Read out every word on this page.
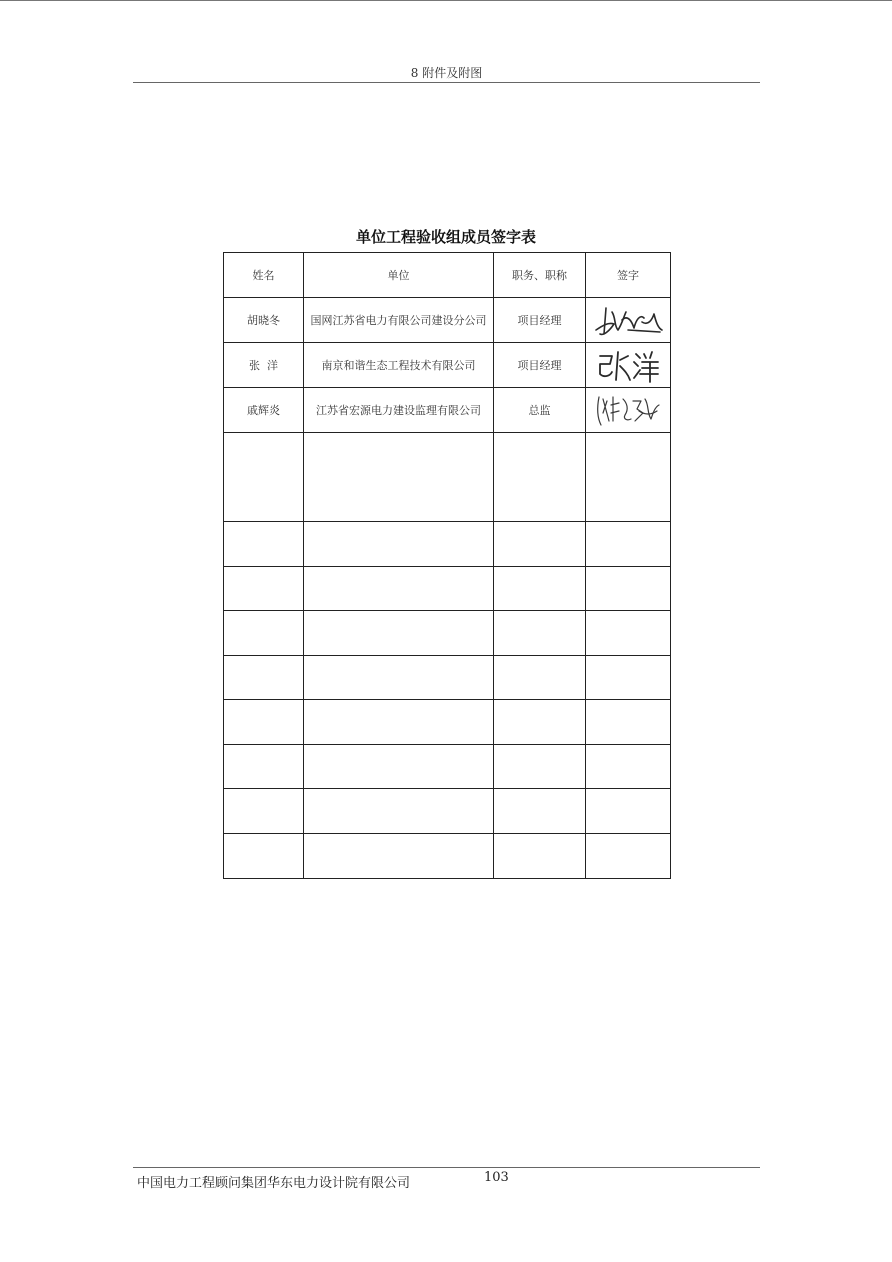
8 附件及附图
单位工程验收组成员签字表
姓名	单位	职务、职称	签字
胡晓冬	国网江苏省电力有限公司建设分公司	项目经理	

张  洋	南京和谐生态工程技术有限公司	项目经理	

戚辉炎	江苏省宏源电力建设监理有限公司	总监	

中国电力工程顾问集团华东电力设计院有限公司	103
